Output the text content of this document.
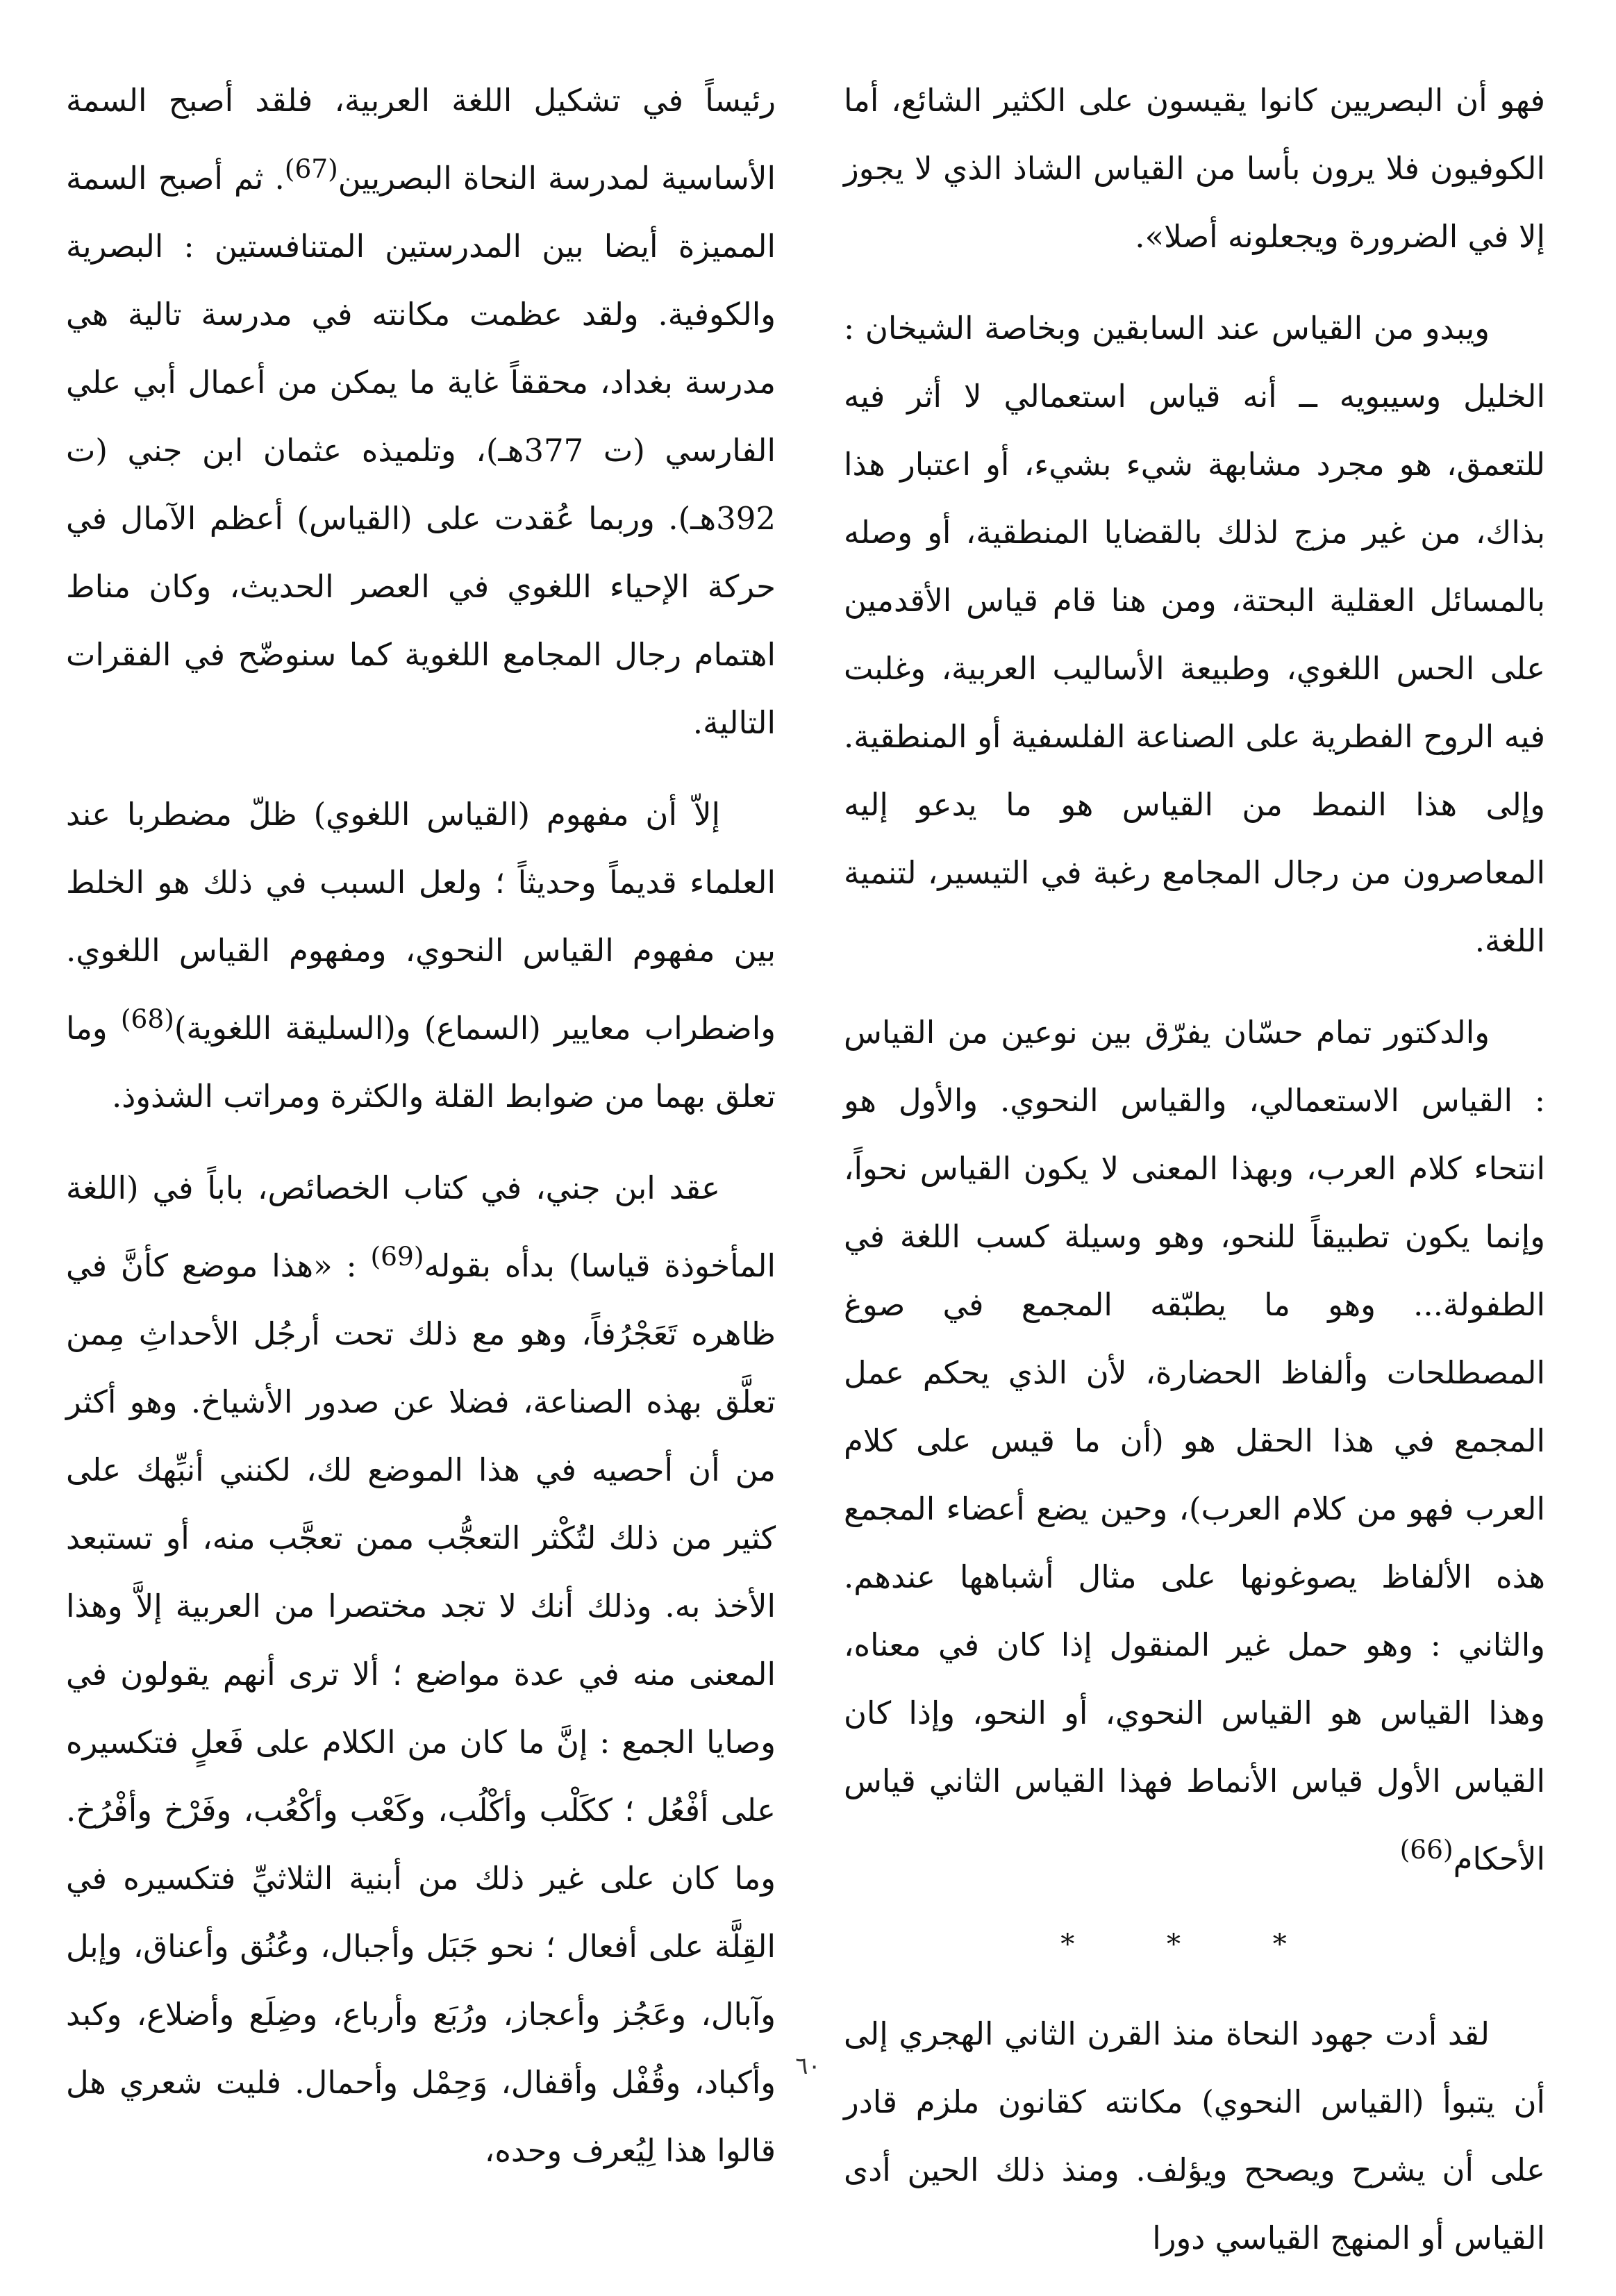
فهو أن البصريين كانوا يقيسون على الكثير الشائع، أما الكوفيون فلا يرون بأسا من القياس الشاذ الذي لا يجوز إلا في الضرورة ويجعلونه أصلا».

ويبدو من القياس عند السابقين وبخاصة الشيخان : الخليل وسيبويه ــ أنه قياس استعمالي لا أثر فيه للتعمق، هو مجرد مشابهة شيء بشيء، أو اعتبار هذا بذاك، من غير مزج لذلك بالقضايا المنطقية، أو وصله بالمسائل العقلية البحتة، ومن هنا قام قياس الأقدمين على الحس اللغوي، وطبيعة الأساليب العربية، وغلبت فيه الروح الفطرية على الصناعة الفلسفية أو المنطقية. وإلى هذا النمط من القياس هو ما يدعو إليه المعاصرون من رجال المجامع رغبة في التيسير، لتنمية اللغة.

والدكتور تمام حسّان يفرّق بين نوعين من القياس : القياس الاستعمالي، والقياس النحوي. والأول هو انتحاء كلام العرب، وبهذا المعنى لا يكون القياس نحواً، وإنما يكون تطبيقاً للنحو، وهو وسيلة كسب اللغة في الطفولة... وهو ما يطبّقه المجمع في صوغ المصطلحات وألفاظ الحضارة، لأن الذي يحكم عمل المجمع في هذا الحقل هو (أن ما قيس على كلام العرب فهو من كلام العرب)، وحين يضع أعضاء المجمع هذه الألفاظ يصوغونها على مثال أشباهها عندهم. والثاني : وهو حمل غير المنقول إذا كان في معناه، وهذا القياس هو القياس النحوي، أو النحو، وإذا كان القياس الأول قياس الأنماط فهذا القياس الثاني قياس الأحكام$^{(66)}$

* * *

لقد أدت جهود النحاة منذ القرن الثاني الهجري إلى أن يتبوأ (القياس النحوي) مكانته كقانون ملزم قادر على أن يشرح ويصحح ويؤلف. ومنذ ذلك الحين أدى القياس أو المنهج القياسي دورا

رئيساً في تشكيل اللغة العربية، فلقد أصبح السمة الأساسية لمدرسة النحاة البصريين$^{(67)}$. ثم أصبح السمة المميزة أيضا بين المدرستين المتنافستين : البصرية والكوفية. ولقد عظمت مكانته في مدرسة تالية هي مدرسة بغداد، محققاً غاية ما يمكن من أعمال أبي علي الفارسي (ت 377هـ)، وتلميذه عثمان ابن جني (ت 392هـ). وربما عُقدت على (القياس) أعظم الآمال في حركة الإحياء اللغوي في العصر الحديث، وكان مناط اهتمام رجال المجامع اللغوية كما سنوضّح في الفقرات التالية.

إلاّ أن مفهوم (القياس اللغوي) ظلّ مضطربا عند العلماء قديماً وحديثاً ؛ ولعل السبب في ذلك هو الخلط بين مفهوم القياس النحوي، ومفهوم القياس اللغوي. واضطراب معايير (السماع) و(السليقة اللغوية)$^{(68)}$ وما تعلق بهما من ضوابط القلة والكثرة ومراتب الشذوذ.

عقد ابن جني، في كتاب الخصائص، باباً في (اللغة المأخوذة قياسا) بدأه بقوله$^{(69)}$ : «هذا موضع كأنَّ في ظاهره تَعَجْرُفاً، وهو مع ذلك تحت أرجُل الأحداثِ مِمن تعلَّق بهذه الصناعة، فضلا عن صدور الأشياخ. وهو أكثر من أن أحصيه في هذا الموضع لك، لكنني أنبِّهك على كثير من ذلك لتُكْثر التعجُّب ممن تعجَّب منه، أو تستبعد الأخذ به. وذلك أنك لا تجد مختصرا من العربية إلاَّ وهذا المعنى منه في عدة مواضع ؛ ألا ترى أنهم يقولون في وصايا الجمع : إنَّ ما كان من الكلام على فَعلٍ فتكسيره على أفْعُل ؛ ككَلْب وأكْلُب، وكَعْب وأكْعُب، وفَرْخ وأفْرُخ. وما كان على غير ذلك من أبنية الثلاثيِّ فتكسيره في القِلَّة على أفعال ؛ نحو جَبَل وأجبال، وعُنُق وأعناق، وإبل وآبال، وعَجُز وأعجاز، ورُبَع وأرباع، وضِلَع وأضلاع، وكبد وأكباد، وقُفْل وأقفال، وَحِمْل وأحمال. فليت شعري هل قالوا هذا لِيُعرف وحده،

٦٠
